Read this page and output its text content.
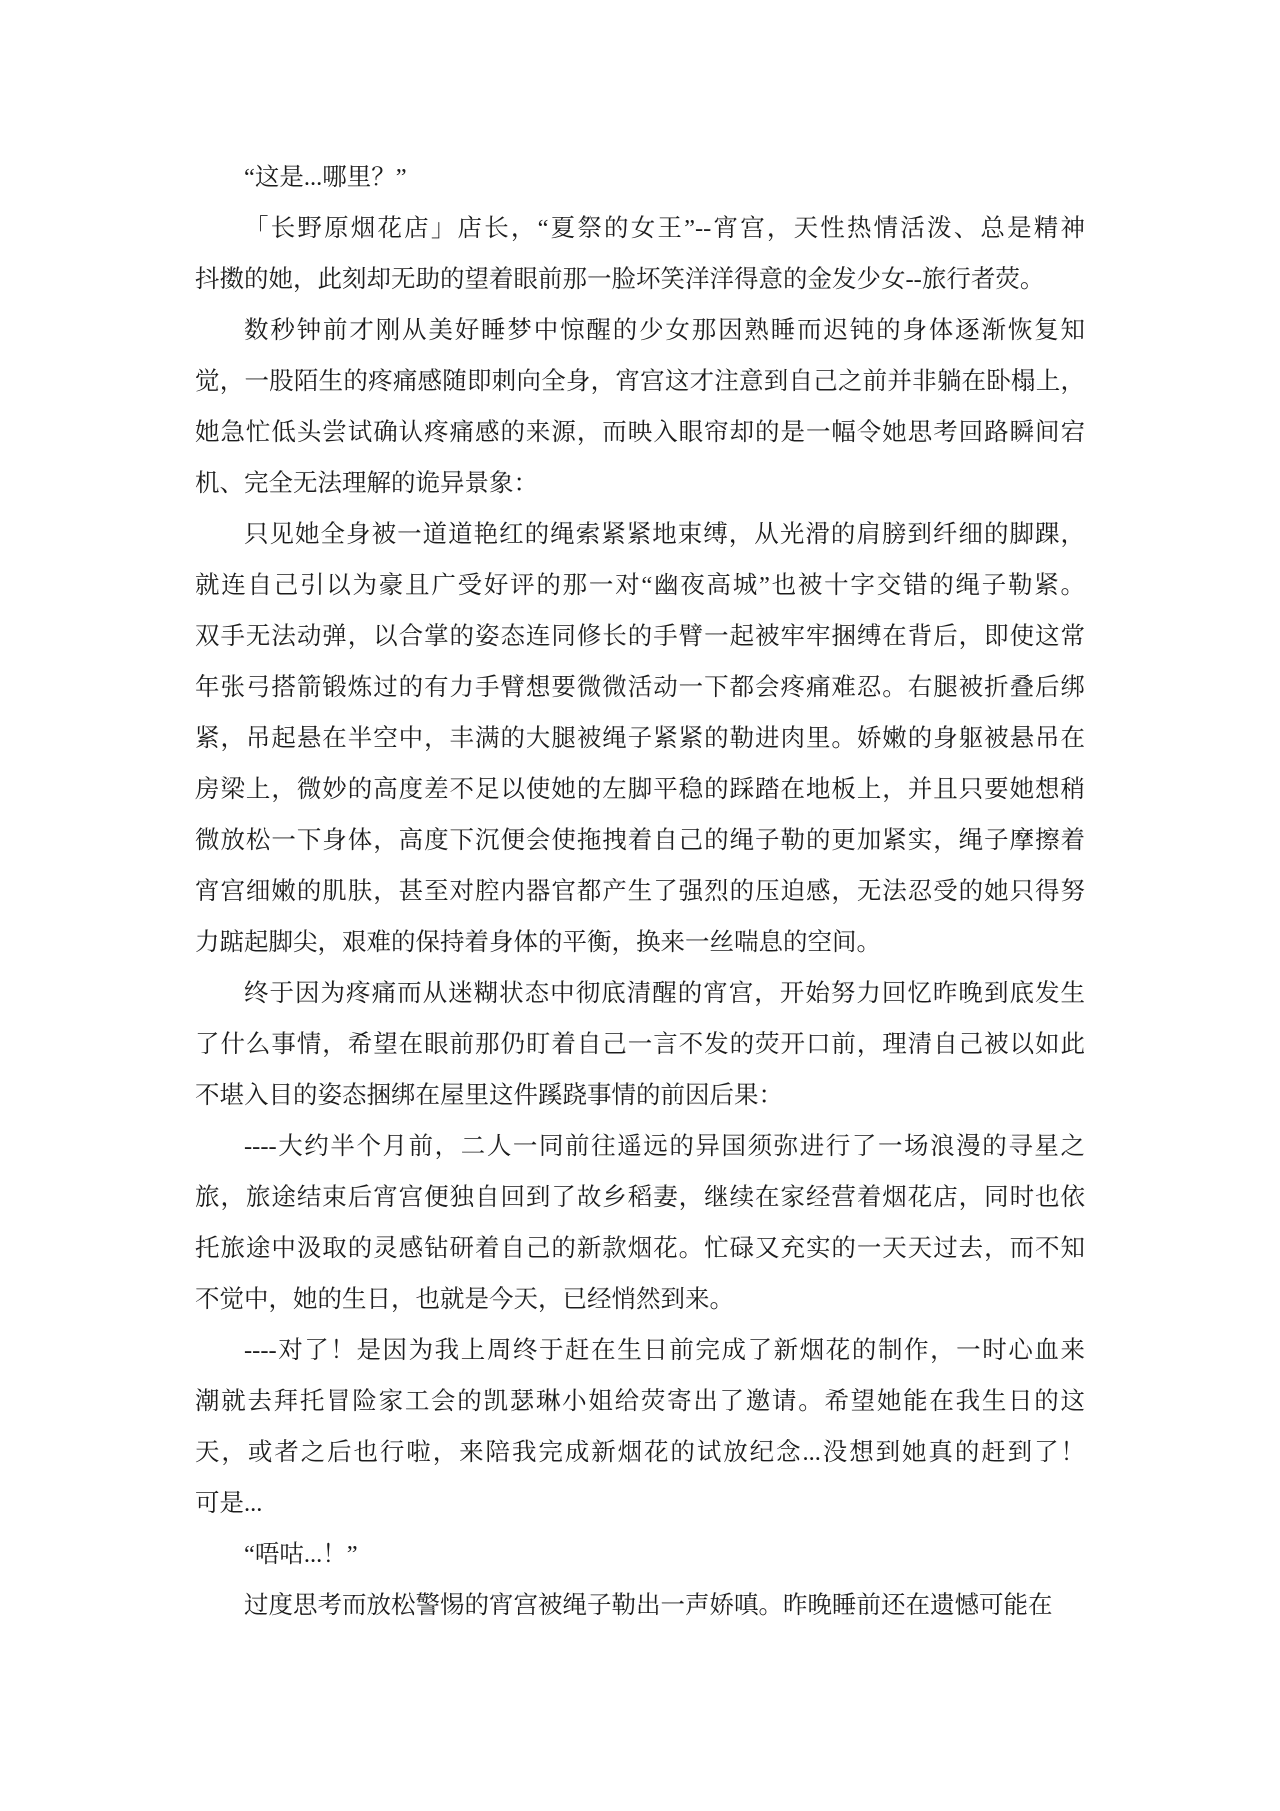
“这是...哪里？”
「长野原烟花店」店长，“夏祭的女王”--宵宫，天性热情活泼、总是精神
抖擞的她，此刻却无助的望着眼前那一脸坏笑洋洋得意的金发少女--旅行者荧。
数秒钟前才刚从美好睡梦中惊醒的少女那因熟睡而迟钝的身体逐渐恢复知
觉，一股陌生的疼痛感随即刺向全身，宵宫这才注意到自己之前并非躺在卧榻上，
她急忙低头尝试确认疼痛感的来源，而映入眼帘却的是一幅令她思考回路瞬间宕
机、完全无法理解的诡异景象：
只见她全身被一道道艳红的绳索紧紧地束缚，从光滑的肩膀到纤细的脚踝，
就连自己引以为豪且广受好评的那一对“幽夜高城”也被十字交错的绳子勒紧。
双手无法动弹，以合掌的姿态连同修长的手臂一起被牢牢捆缚在背后，即使这常
年张弓搭箭锻炼过的有力手臂想要微微活动一下都会疼痛难忍。右腿被折叠后绑
紧，吊起悬在半空中，丰满的大腿被绳子紧紧的勒进肉里。娇嫩的身躯被悬吊在
房梁上，微妙的高度差不足以使她的左脚平稳的踩踏在地板上，并且只要她想稍
微放松一下身体，高度下沉便会使拖拽着自己的绳子勒的更加紧实，绳子摩擦着
宵宫细嫩的肌肤，甚至对腔内器官都产生了强烈的压迫感，无法忍受的她只得努
力踮起脚尖，艰难的保持着身体的平衡，换来一丝喘息的空间。
终于因为疼痛而从迷糊状态中彻底清醒的宵宫，开始努力回忆昨晚到底发生
了什么事情，希望在眼前那仍盯着自己一言不发的荧开口前，理清自己被以如此
不堪入目的姿态捆绑在屋里这件蹊跷事情的前因后果：
----大约半个月前，二人一同前往遥远的异国须弥进行了一场浪漫的寻星之
旅，旅途结束后宵宫便独自回到了故乡稻妻，继续在家经营着烟花店，同时也依
托旅途中汲取的灵感钻研着自己的新款烟花。忙碌又充实的一天天过去，而不知
不觉中，她的生日，也就是今天，已经悄然到来。
----对了！是因为我上周终于赶在生日前完成了新烟花的制作，一时心血来
潮就去拜托冒险家工会的凯瑟琳小姐给荧寄出了邀请。希望她能在我生日的这
天，或者之后也行啦，来陪我完成新烟花的试放纪念...没想到她真的赶到了！
可是...
“唔咕...！”
过度思考而放松警惕的宵宫被绳子勒出一声娇嗔。昨晚睡前还在遗憾可能在
